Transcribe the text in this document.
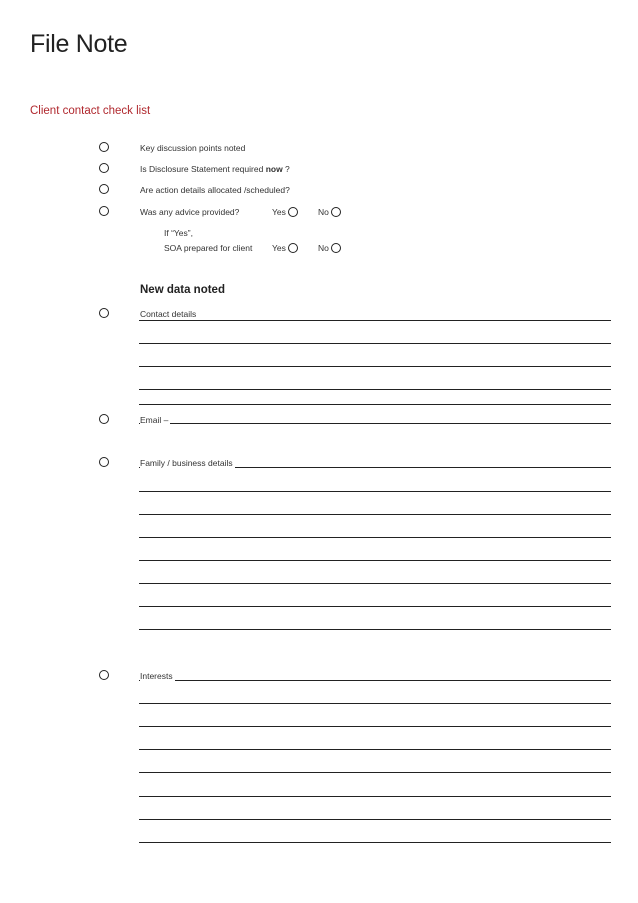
File Note
Client contact check list
Key discussion points noted
Is Disclosure Statement required now ?
Are action details allocated /scheduled?
Was any advice provided?	Yes	No
If “Yes”,
SOA prepared for client Yes	No
New data noted
Contact details
Email –
Family / business details
Interests
